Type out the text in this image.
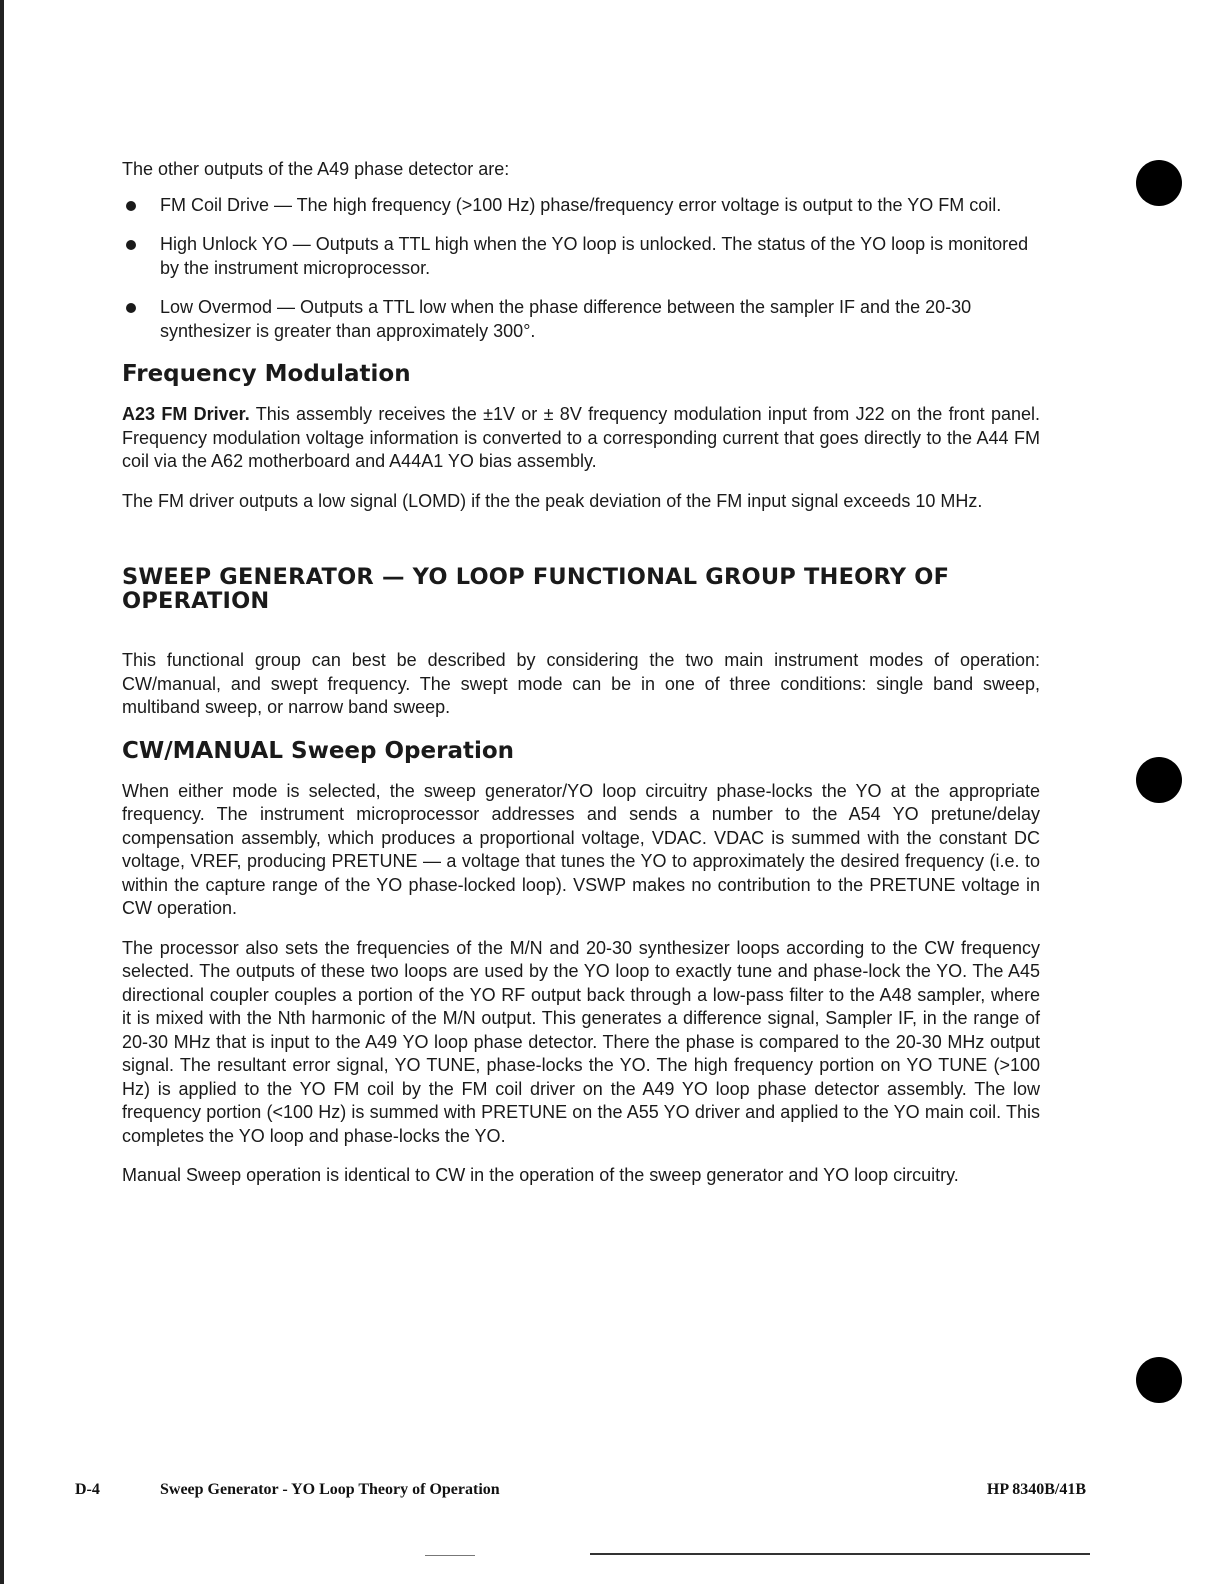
The other outputs of the A49 phase detector are:

FM Coil Drive — The high frequency (>100 Hz) phase/frequency error voltage is output to the YO FM coil.
High Unlock YO — Outputs a TTL high when the YO loop is unlocked. The status of the YO loop is monitored by the instrument microprocessor.
Low Overmod — Outputs a TTL low when the phase difference between the sampler IF and the 20-30 synthesizer is greater than approximately 300°.
Frequency Modulation

A23 FM Driver. This assembly receives the ±1V or ± 8V frequency modulation input from J22 on the front panel. Frequency modulation voltage information is converted to a corresponding current that goes directly to the A44 FM coil via the A62 motherboard and A44A1 YO bias assembly.

The FM driver outputs a low signal (LOMD) if the the peak deviation of the FM input signal exceeds 10 MHz.

SWEEP GENERATOR — YO LOOP FUNCTIONAL GROUP THEORY OF OPERATION

This functional group can best be described by considering the two main instrument modes of operation: CW/manual, and swept frequency. The swept mode can be in one of three conditions: single band sweep, multiband sweep, or narrow band sweep.

CW/MANUAL Sweep Operation

When either mode is selected, the sweep generator/YO loop circuitry phase-locks the YO at the appropriate frequency. The instrument microprocessor addresses and sends a number to the A54 YO pretune/delay compensation assembly, which produces a proportional voltage, VDAC. VDAC is summed with the constant DC voltage, VREF, producing PRETUNE — a voltage that tunes the YO to approximately the desired frequency (i.e. to within the capture range of the YO phase-locked loop). VSWP makes no contribution to the PRETUNE voltage in CW operation.

The processor also sets the frequencies of the M/N and 20-30 synthesizer loops according to the CW frequency selected. The outputs of these two loops are used by the YO loop to exactly tune and phase-lock the YO. The A45 directional coupler couples a portion of the YO RF output back through a low-pass filter to the A48 sampler, where it is mixed with the Nth harmonic of the M/N output. This generates a difference signal, Sampler IF, in the range of 20-30 MHz that is input to the A49 YO loop phase detector. There the phase is compared to the 20-30 MHz output signal. The resultant error signal, YO TUNE, phase-locks the YO. The high frequency portion on YO TUNE (>100 Hz) is applied to the YO FM coil by the FM coil driver on the A49 YO loop phase detector assembly. The low frequency portion (<100 Hz) is summed with PRETUNE on the A55 YO driver and applied to the YO main coil. This completes the YO loop and phase-locks the YO.

Manual Sweep operation is identical to CW in the operation of the sweep generator and YO loop circuitry.

D-4	Sweep Generator - YO Loop Theory of Operation	HP 8340B/41B
